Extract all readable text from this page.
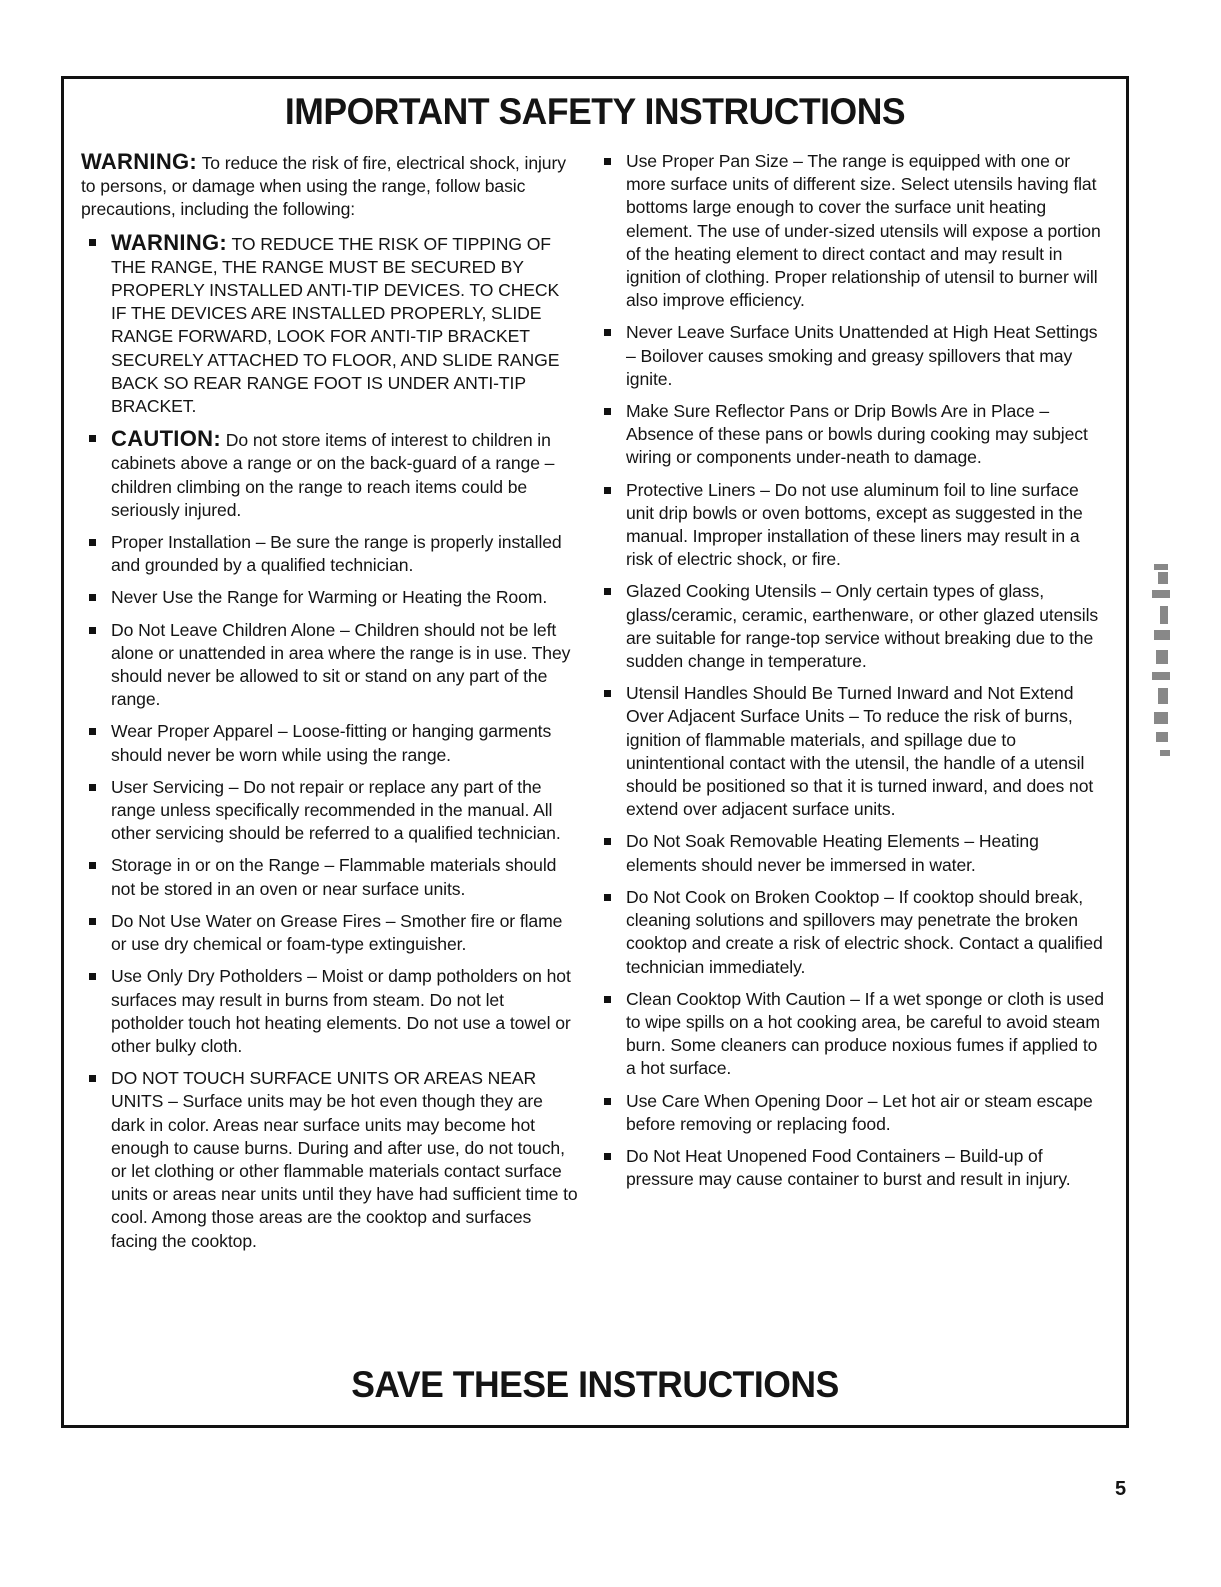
IMPORTANT SAFETY INSTRUCTIONS

WARNING: To reduce the risk of fire, electrical shock, injury to persons, or damage when using the range, follow basic precautions, including the following:

WARNING: TO REDUCE THE RISK OF TIPPING OF THE RANGE, THE RANGE MUST BE SECURED BY PROPERLY INSTALLED ANTI-TIP DEVICES. TO CHECK IF THE DEVICES ARE INSTALLED PROPERLY, SLIDE RANGE FORWARD, LOOK FOR ANTI-TIP BRACKET SECURELY ATTACHED TO FLOOR, AND SLIDE RANGE BACK SO REAR RANGE FOOT IS UNDER ANTI-TIP BRACKET.
CAUTION: Do not store items of interest to children in cabinets above a range or on the back-guard of a range – children climbing on the range to reach items could be seriously injured.
Proper Installation – Be sure the range is properly installed and grounded by a qualified technician.
Never Use the Range for Warming or Heating the Room.
Do Not Leave Children Alone – Children should not be left alone or unattended in area where the range is in use. They should never be allowed to sit or stand on any part of the range.
Wear Proper Apparel – Loose-fitting or hanging garments should never be worn while using the range.
User Servicing – Do not repair or replace any part of the range unless specifically recommended in the manual. All other servicing should be referred to a qualified technician.
Storage in or on the Range – Flammable materials should not be stored in an oven or near surface units.
Do Not Use Water on Grease Fires – Smother fire or flame or use dry chemical or foam-type extinguisher.
Use Only Dry Potholders – Moist or damp potholders on hot surfaces may result in burns from steam. Do not let potholder touch hot heating elements. Do not use a towel or other bulky cloth.
DO NOT TOUCH SURFACE UNITS OR AREAS NEAR UNITS – Surface units may be hot even though they are dark in color. Areas near surface units may become hot enough to cause burns. During and after use, do not touch, or let clothing or other flammable materials contact surface units or areas near units until they have had sufficient time to cool. Among those areas are the cooktop and surfaces facing the cooktop.
Use Proper Pan Size – The range is equipped with one or more surface units of different size. Select utensils having flat bottoms large enough to cover the surface unit heating element. The use of under-sized utensils will expose a portion of the heating element to direct contact and may result in ignition of clothing. Proper relationship of utensil to burner will also improve efficiency.
Never Leave Surface Units Unattended at High Heat Settings – Boilover causes smoking and greasy spillovers that may ignite.
Make Sure Reflector Pans or Drip Bowls Are in Place – Absence of these pans or bowls during cooking may subject wiring or components under-neath to damage.
Protective Liners – Do not use aluminum foil to line surface unit drip bowls or oven bottoms, except as suggested in the manual. Improper installation of these liners may result in a risk of electric shock, or fire.
Glazed Cooking Utensils – Only certain types of glass, glass/ceramic, ceramic, earthenware, or other glazed utensils are suitable for range-top service without breaking due to the sudden change in temperature.
Utensil Handles Should Be Turned Inward and Not Extend Over Adjacent Surface Units – To reduce the risk of burns, ignition of flammable materials, and spillage due to unintentional contact with the utensil, the handle of a utensil should be positioned so that it is turned inward, and does not extend over adjacent surface units.
Do Not Soak Removable Heating Elements – Heating elements should never be immersed in water.
Do Not Cook on Broken Cooktop – If cooktop should break, cleaning solutions and spillovers may penetrate the broken cooktop and create a risk of electric shock. Contact a qualified technician immediately.
Clean Cooktop With Caution – If a wet sponge or cloth is used to wipe spills on a hot cooking area, be careful to avoid steam burn. Some cleaners can produce noxious fumes if applied to a hot surface.
Use Care When Opening Door – Let hot air or steam escape before removing or replacing food.
Do Not Heat Unopened Food Containers – Build-up of pressure may cause container to burst and result in injury.
SAVE THESE INSTRUCTIONS
5
